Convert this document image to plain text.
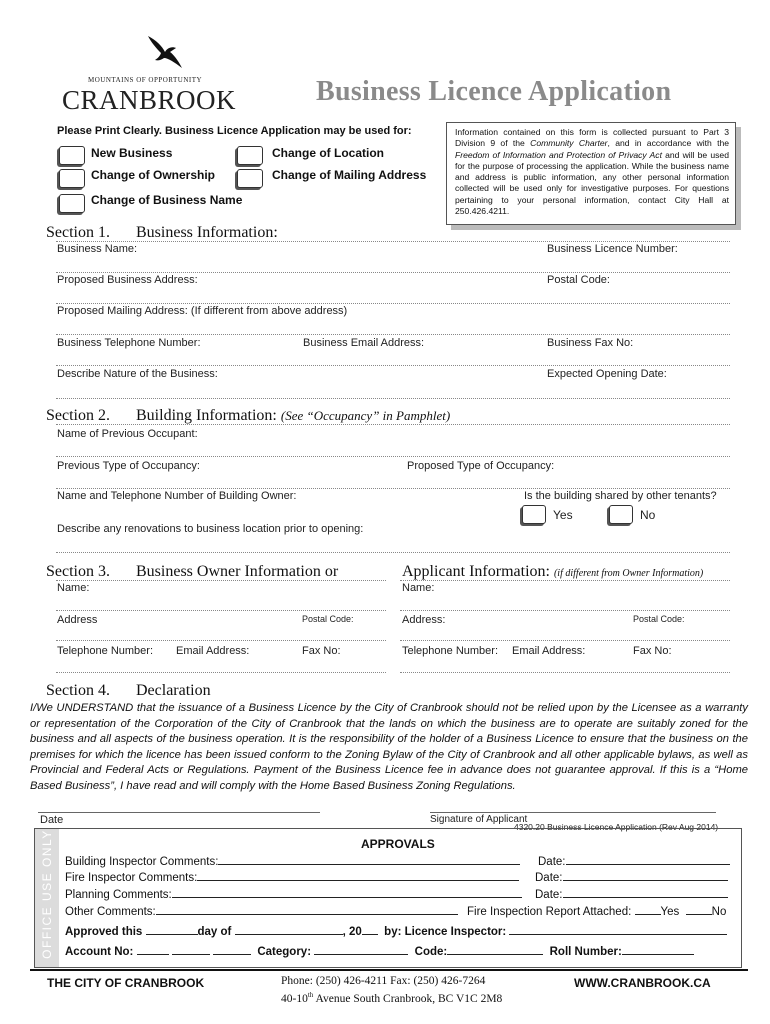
MOUNTAINS OF OPPORTUNITY
CRANBROOK	Business Licence Application
Please Print Clearly. Business Licence Application may be used for:
New Business	Change of Location
Change of Ownership	Change of Mailing Address
Change of Business Name
Information contained on this form is collected pursuant to Part 3 Division 9 of the Community Charter, and in accordance with the Freedom of Information and Protection of Privacy Act and will be used for the purpose of processing the application. While the business name and address is public information, any other personal information collected will be used only for investigative purposes. For questions pertaining to your personal information, contact City Hall at 250.426.4211.
Section 1. Business Information:
Business Name:	Business Licence Number:
Proposed Business Address:	Postal Code:
Proposed Mailing Address: (If different from above address)
Business Telephone Number:	Business Email Address:	Business Fax No:
Describe Nature of the Business:	Expected Opening Date:
Section 2. Building Information: (See “Occupancy” in Pamphlet)
Name of Previous Occupant:
Previous Type of Occupancy:	Proposed Type of Occupancy:
Name and Telephone Number of Building Owner:	Is the building shared by other tenants?
Yes	No
Describe any renovations to business location prior to opening:
Section 3. Business Owner Information or	Applicant Information: (if different from Owner Information)
Name:	Name:
Address	Postal Code:	Address:	Postal Code:
Telephone Number: Email Address:	Fax No:	Telephone Number: Email Address:	Fax No:
Section 4. Declaration
I/We UNDERSTAND that the issuance of a Business Licence by the City of Cranbrook should not be relied upon by the Licensee as a warranty or representation of the Corporation of the City of Cranbrook that the lands on which the business are to operate are suitably zoned for the business and all aspects of the business operation. It is the responsibility of the holder of a Business Licence to ensure that the business on the premises for which the licence has been issued conform to the Zoning Bylaw of the City of Cranbrook and all other applicable bylaws, as well as Provincial and Federal Acts or Regulations. Payment of the Business Licence fee in advance does not guarantee approval. If this is a “Home Based Business”, I have read and will comply with the Home Based Business Zoning Regulations.
Date	Signature of Applicant
4320.20 Business Licence Application (Rev Aug 2014)
OFFICE USE ONLY	APPROVALS
Building Inspector Comments:	Date:
Fire Inspector Comments:	Date:
Planning Comments:	Date:
Other Comments:	Fire Inspection Report Attached:	Yes	No
Approved this	day of	, 20 by: Licence Inspector:
Account No:	Category:	Code:	Roll Number:
THE CITY OF CRANBROOK	Phone: (250) 426-4211 Fax: (250) 426-7264
40-10th Avenue South Cranbrook, BC V1C 2M8
WWW.CRANBROOK.CA
